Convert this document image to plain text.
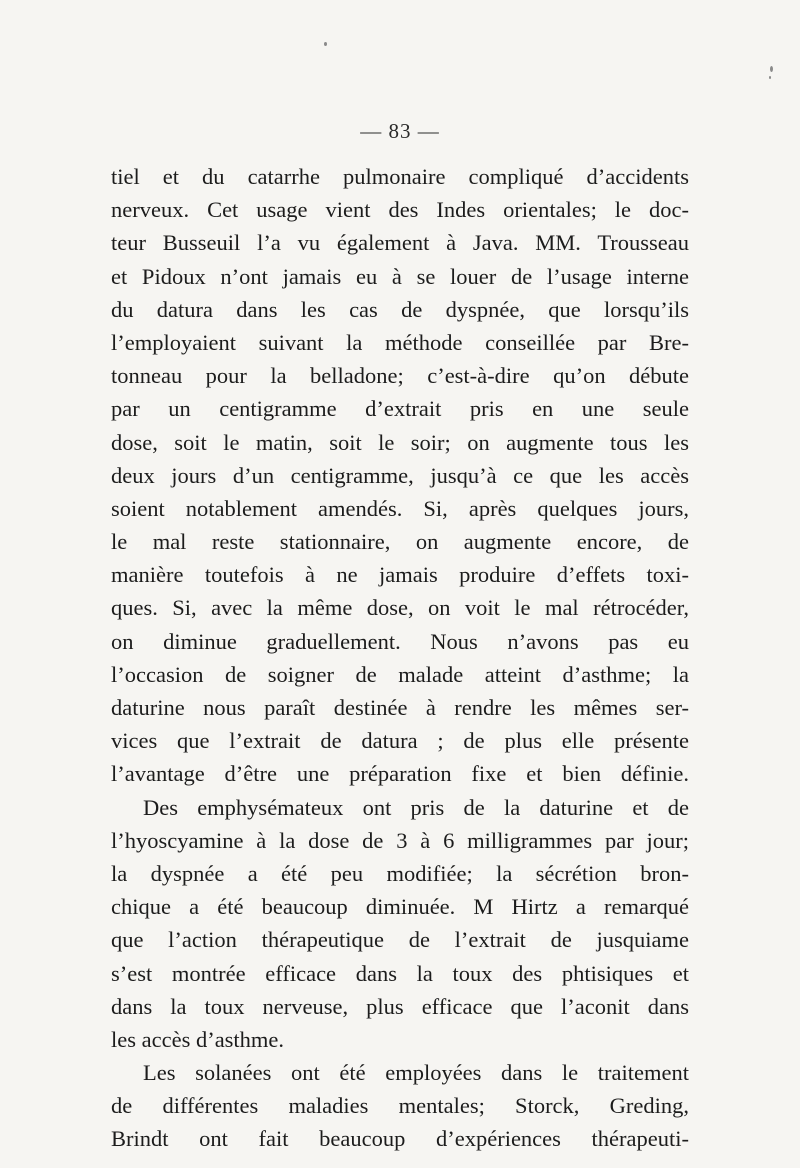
— 83 —
tiel et du catarrhe pulmonaire compliqué d’accidents
nerveux. Cet usage vient des Indes orientales; le doc-
teur Busseuil l’a vu également à Java. MM. Trousseau
et Pidoux n’ont jamais eu à se louer de l’usage interne
du datura dans les cas de dyspnée, que lorsqu’ils
l’employaient suivant la méthode conseillée par Bre-
tonneau pour la belladone; c’est-à-dire qu’on débute
par un centigramme d’extrait pris en une seule
dose, soit le matin, soit le soir; on augmente tous les
deux jours d’un centigramme, jusqu’à ce que les accès
soient notablement amendés. Si, après quelques jours,
le mal reste stationnaire, on augmente encore, de
manière toutefois à ne jamais produire d’effets toxi-
ques. Si, avec la même dose, on voit le mal rétrocéder,
on diminue graduellement. Nous n’avons pas eu
l’occasion de soigner de malade atteint d’asthme; la
daturine nous paraît destinée à rendre les mêmes ser-
vices que l’extrait de datura ; de plus elle présente
l’avantage d’être une préparation fixe et bien définie.
Des emphysémateux ont pris de la daturine et de
l’hyoscyamine à la dose de 3 à 6 milligrammes par jour;
la dyspnée a été peu modifiée; la sécrétion bron-
chique a été beaucoup diminuée. M Hirtz a remarqué
que l’action thérapeutique de l’extrait de jusquiame
s’est montrée efficace dans la toux des phtisiques et
dans la toux nerveuse, plus efficace que l’aconit dans
les accès d’asthme.
Les solanées ont été employées dans le traitement
de différentes maladies mentales; Storck, Greding,
Brindt ont fait beaucoup d’expériences thérapeuti-
